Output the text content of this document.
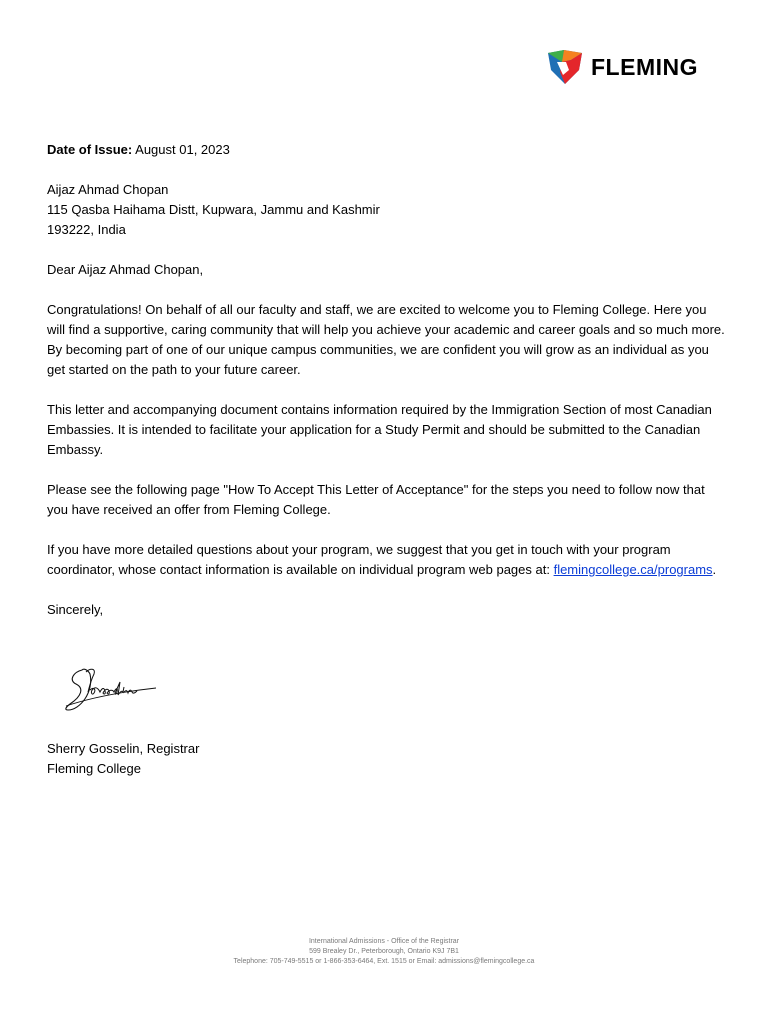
FLEMING

Date of Issue: August 01, 2023

Aijaz Ahmad Chopan

115 Qasba Haihama Distt, Kupwara, Jammu and Kashmir

193222, India

Dear Aijaz Ahmad Chopan,

Congratulations! On behalf of all our faculty and staff, we are excited to welcome you to Fleming College. Here you will find a supportive, caring community that will help you achieve your academic and career goals and so much more. By becoming part of one of our unique campus communities, we are confident you will grow as an individual as you get started on the path to your future career.

This letter and accompanying document contains information required by the Immigration Section of most Canadian Embassies. It is intended to facilitate your application for a Study Permit and should be submitted to the Canadian Embassy.

Please see the following page "How To Accept This Letter of Acceptance" for the steps you need to follow now that you have received an offer from Fleming College.

If you have more detailed questions about your program, we suggest that you get in touch with your program coordinator, whose contact information is available on individual program web pages at: flemingcollege.ca/programs.

Sincerely,

Sherry Gosselin, Registrar

Fleming College

International Admissions - Office of the Registrar
599 Brealey Dr., Peterborough, Ontario K9J 7B1
Telephone: 705-749-5515 or 1-866-353-6464, Ext. 1515 or Email: admissions@flemingcollege.ca
